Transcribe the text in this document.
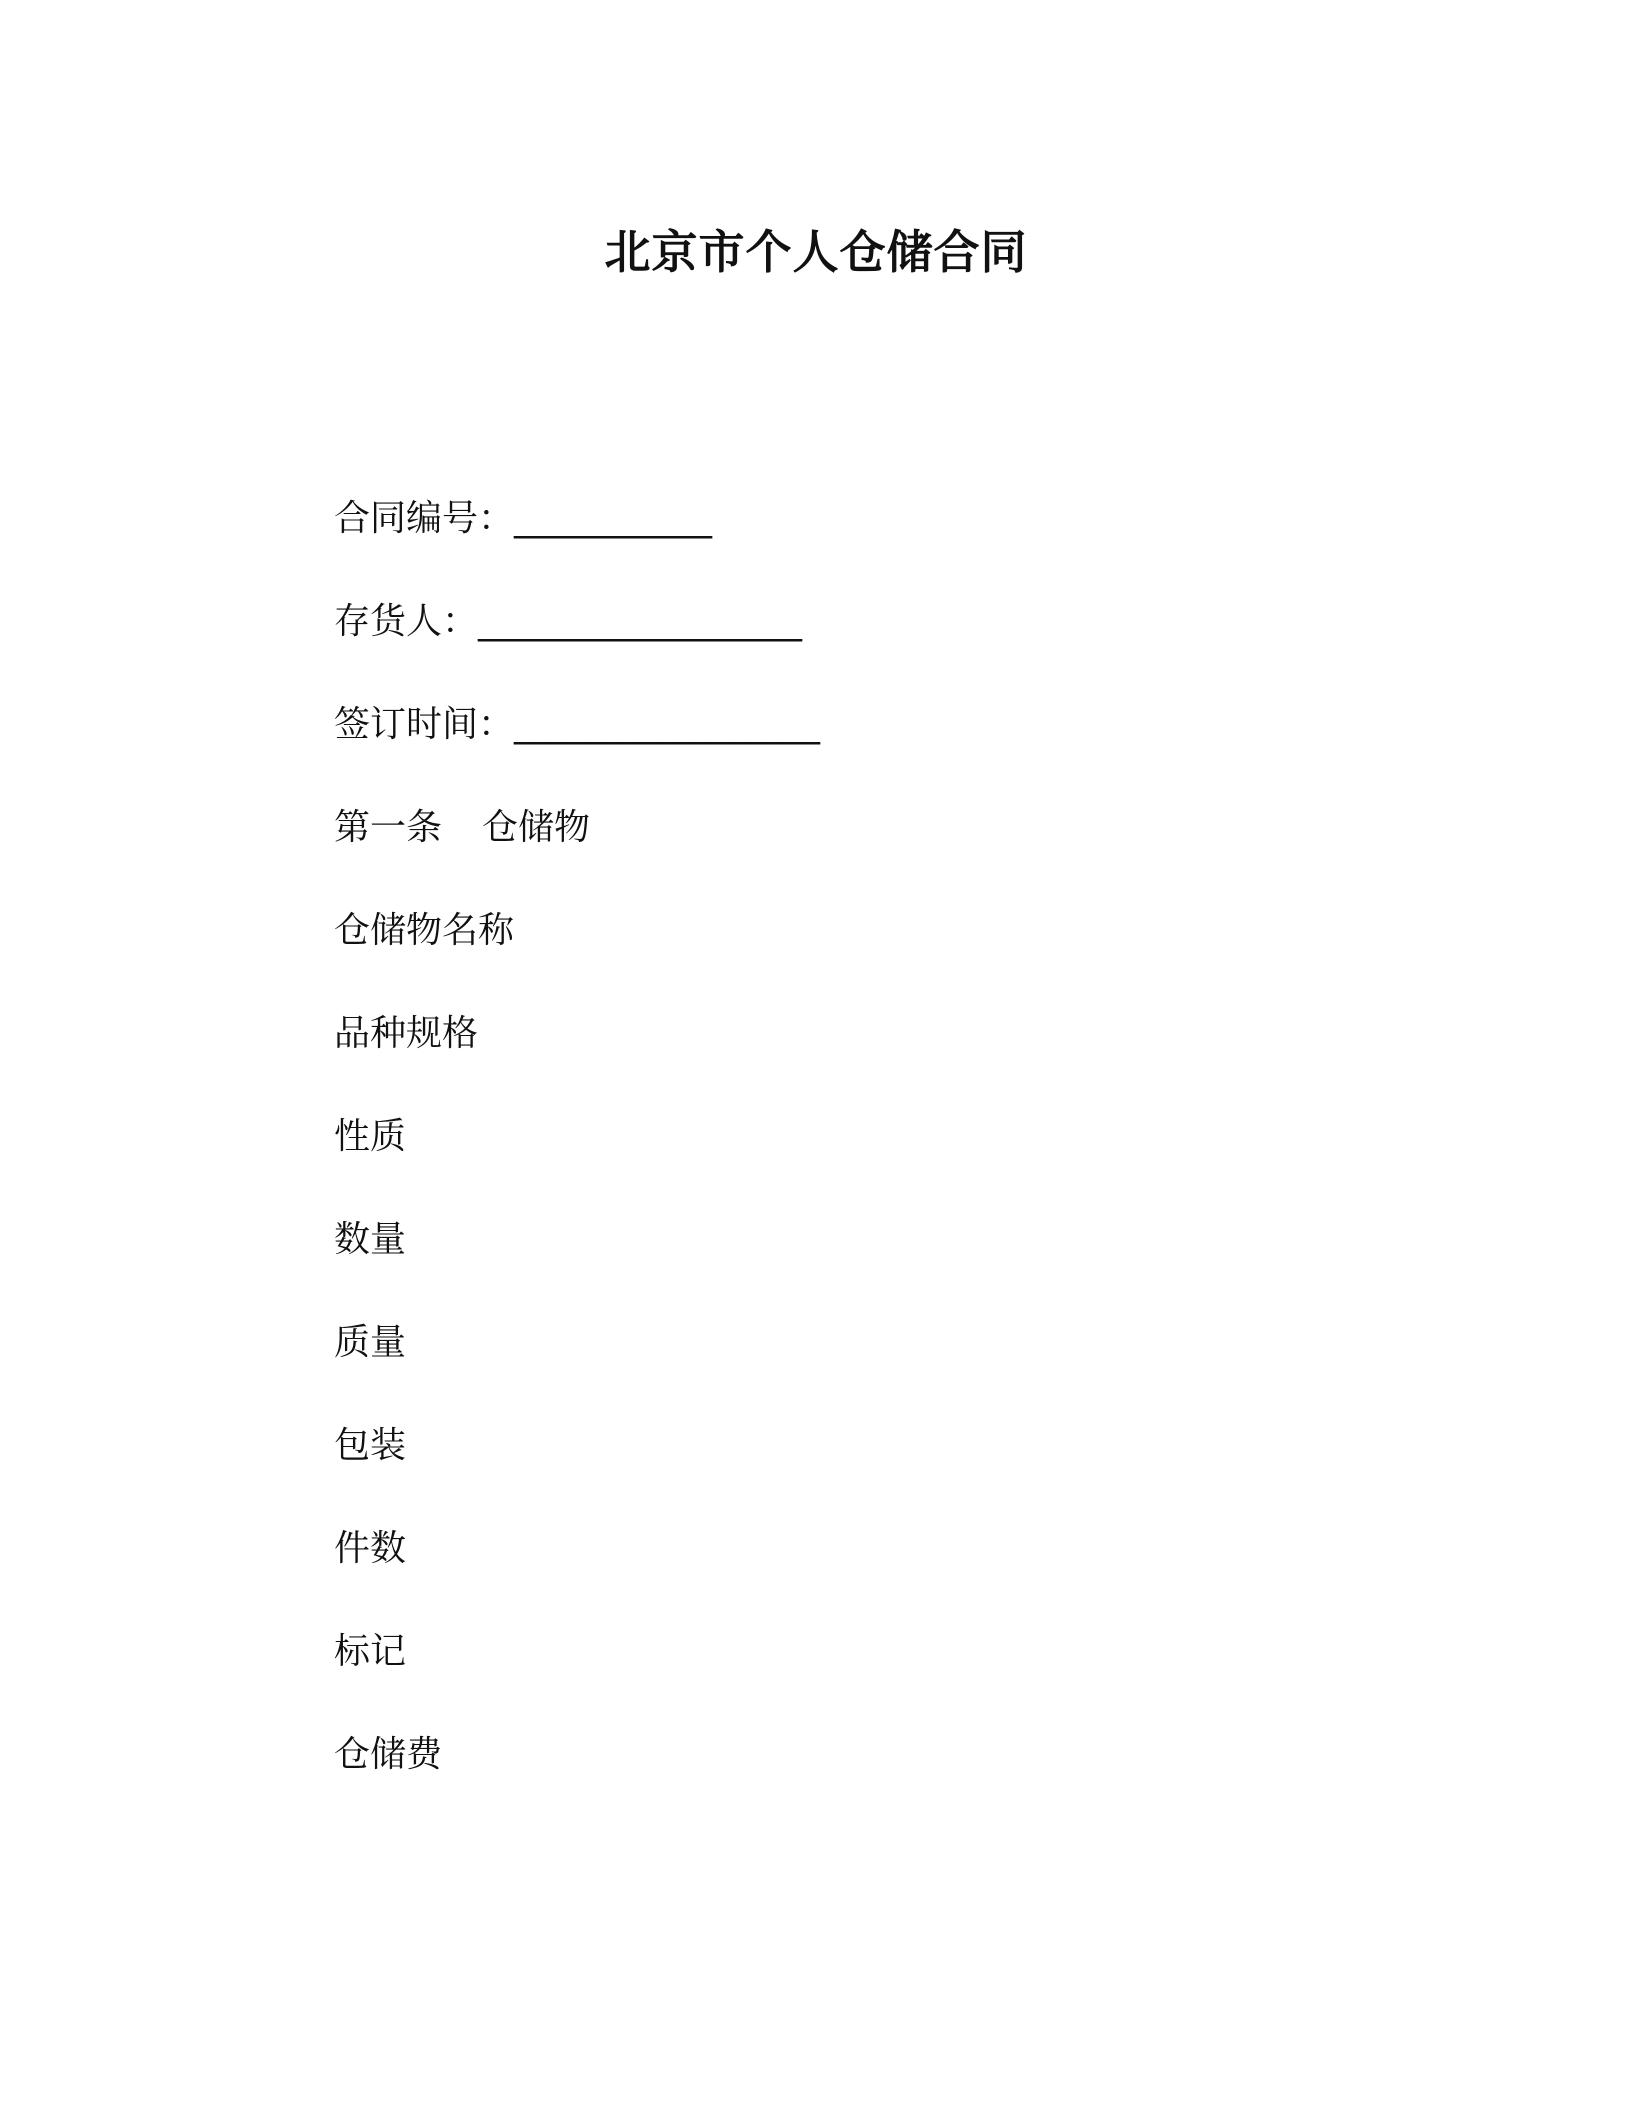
北京市个人仓储合同
合同编号：___________
存货人：__________________
签订时间：_________________
第一条 仓储物
仓储物名称
品种规格
性质
数量
质量
包装
件数
标记
仓储费
